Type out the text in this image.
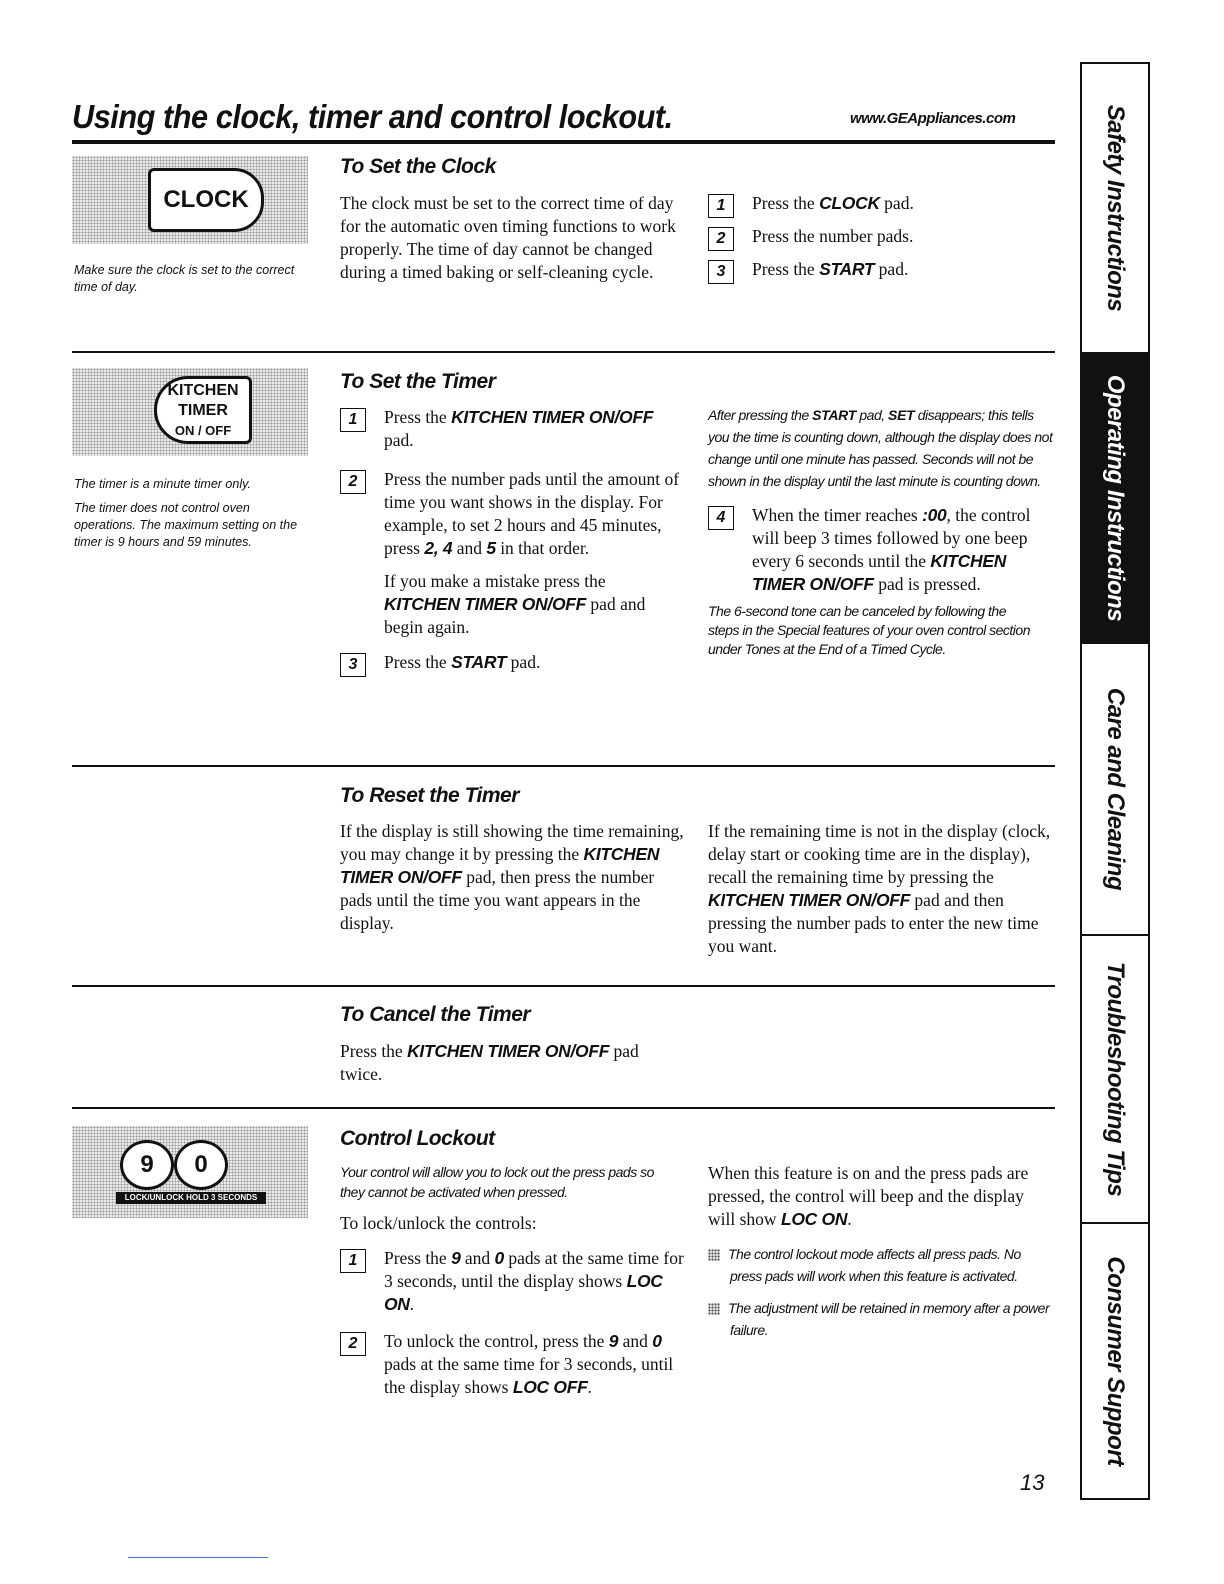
Using the clock, timer and control lockout.	www.GEAppliances.com
CLOCK
Make sure the clock is set to the correct time of day.
To Set the Clock
The clock must be set to the correct time of day for the automatic oven timing functions to work properly. The time of day cannot be changed during a timed baking or self-cleaning cycle.
1	Press the CLOCK pad.
2	Press the number pads.
3	Press the START pad.
KITCHEN
TIMER
ON / OFF
The timer is a minute timer only.
The timer does not control oven operations. The maximum setting on the timer is 9 hours and 59 minutes.
To Set the Timer
1	Press the KITCHEN TIMER ON/OFF pad.
2	Press the number pads until the amount of time you want shows in the display. For example, to set 2 hours and 45 minutes, press 2, 4 and 5 in that order.
If you make a mistake press the KITCHEN TIMER ON/OFF pad and begin again.
3	Press the START pad.
After pressing the START pad, SET disappears; this tells you the time is counting down, although the display does not change until one minute has passed. Seconds will not be shown in the display until the last minute is counting down.
4	When the timer reaches :00, the control will beep 3 times followed by one beep every 6 seconds until the KITCHEN TIMER ON/OFF pad is pressed.
The 6-second tone can be canceled by following the steps in the Special features of your oven control section under Tones at the End of a Timed Cycle.
To Reset the Timer
If the display is still showing the time remaining, you may change it by pressing the KITCHEN TIMER ON/OFF pad, then press the number pads until the time you want appears in the display.
If the remaining time is not in the display (clock, delay start or cooking time are in the display), recall the remaining time by pressing the KITCHEN TIMER ON/OFF pad and then pressing the number pads to enter the new time you want.
To Cancel the Timer
Press the KITCHEN TIMER ON/OFF pad twice.
9	0
LOCK/UNLOCK HOLD 3 SECONDS
Control Lockout
Your control will allow you to lock out the press pads so they cannot be activated when pressed.
To lock/unlock the controls:
1	Press the 9 and 0 pads at the same time for 3 seconds, until the display shows LOC ON.
2	To unlock the control, press the 9 and 0 pads at the same time for 3 seconds, until the display shows LOC OFF.
When this feature is on and the press pads are pressed, the control will beep and the display will show LOC ON.
The control lockout mode affects all press pads. No press pads will work when this feature is activated.
The adjustment will be retained in memory after a power failure.
13
Safety Instructions
Operating Instructions
Care and Cleaning
Troubleshooting Tips
Consumer Support
